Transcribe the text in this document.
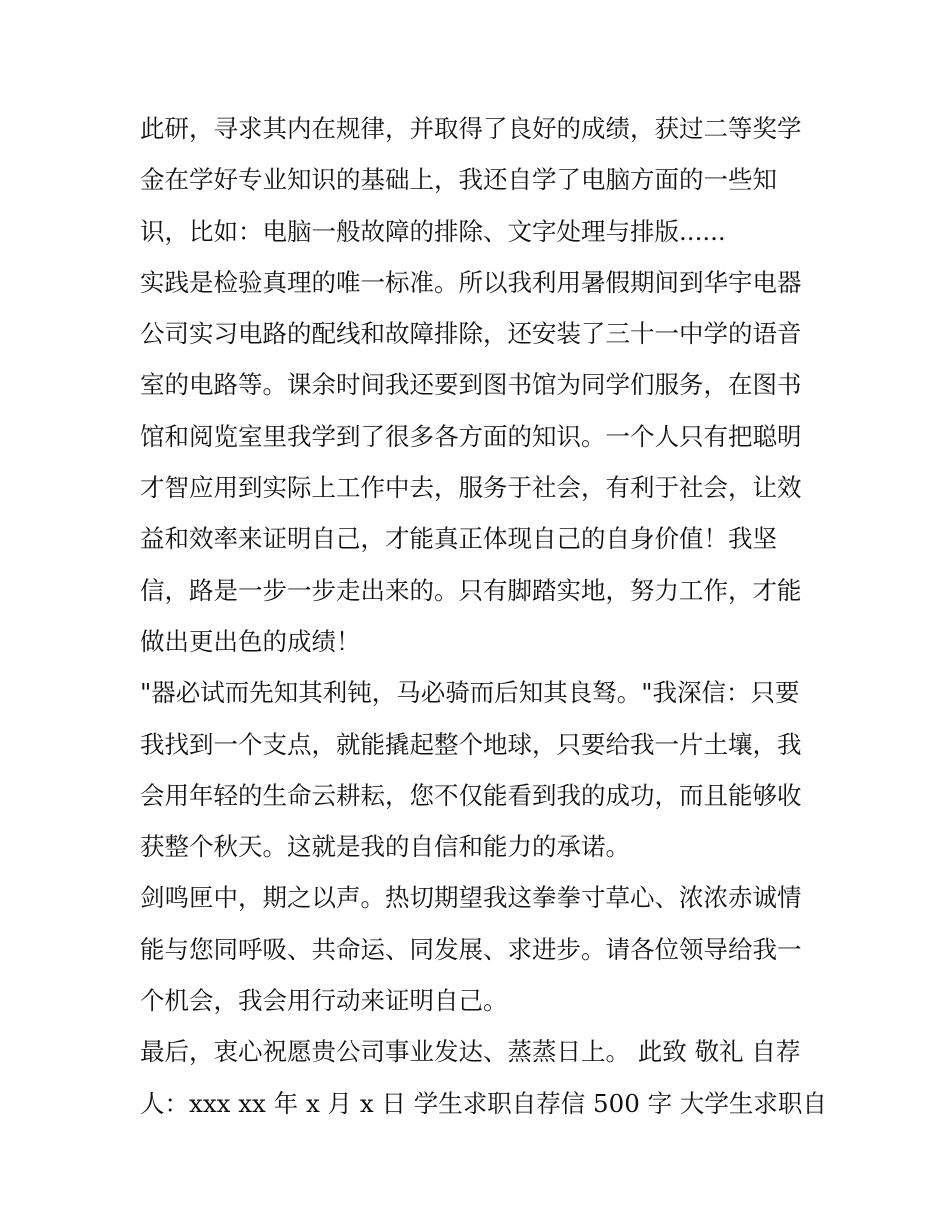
此研，寻求其内在规律，并取得了良好的成绩，获过二等奖学
金在学好专业知识的基础上，我还自学了电脑方面的一些知
识，比如：电脑一般故障的排除、文字处理与排版......
实践是检验真理的唯一标准。所以我利用暑假期间到华宇电器
公司实习电路的配线和故障排除，还安装了三十一中学的语音
室的电路等。课余时间我还要到图书馆为同学们服务，在图书
馆和阅览室里我学到了很多各方面的知识。一个人只有把聪明
才智应用到实际上工作中去，服务于社会，有利于社会，让效
益和效率来证明自己，才能真正体现自己的自身价值！我坚
信，路是一步一步走出来的。只有脚踏实地，努力工作，才能
做出更出色的成绩！
"器必试而先知其利钝，马必骑而后知其良驽。"我深信：只要
我找到一个支点，就能撬起整个地球，只要给我一片土壤，我
会用年轻的生命云耕耘，您不仅能看到我的成功，而且能够收
获整个秋天。这就是我的自信和能力的承诺。
剑鸣匣中，期之以声。热切期望我这拳拳寸草心、浓浓赤诚情
能与您同呼吸、共命运、同发展、求进步。请各位领导给我一
个机会，我会用行动来证明自己。
最后，衷心祝愿贵公司事业发达、蒸蒸日上。 此致 敬礼 自荐
人：xxx xx 年 x 月 x 日 学生求职自荐信 500 字 大学生求职自
